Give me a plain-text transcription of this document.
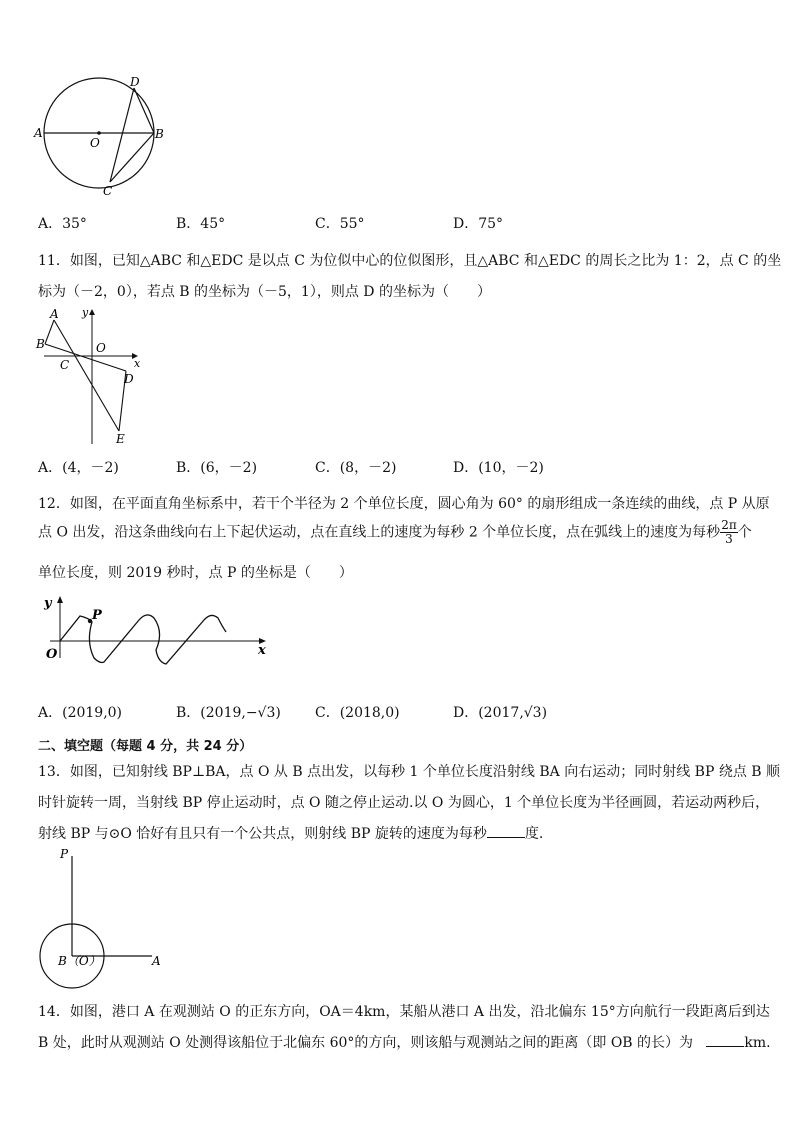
A	B
O
D
C
A．35°	B．45°	C．55°	D．75°
11．如图，已知△ABC 和△EDC 是以点 C 为位似中心的位似图形，且△ABC 和△EDC 的周长之比为 1：2，点 C 的坐
标为（－2，0），若点 B 的坐标为（－5，1），则点 D 的坐标为（　　）
A
B
C
O
D
E
x
y
A．(4，－2)	B．(6，－2)	C．(8，－2)	D．(10，－2)
12．如图，在平面直角坐标系中，若干个半径为 2 个单位长度，圆心角为 60° 的扇形组成一条连续的曲线，点 P 从原
点 O 出发，沿这条曲线向右上下起伏运动，点在直线上的速度为每秒 2 个单位长度，点在弧线上的速度为每秒 $\frac{2\pi}{3}$ 个
单位长度，则 2019 秒时，点 P 的坐标是（　　）
y
P
O	x
A．(2019,0)	B．(2019,−√3) C．(2018,0)	D．(2017,√3)
二、填空题（每题 4 分，共 24 分）
13．如图，已知射线 BP⊥BA，点 O 从 B 点出发，以每秒 1 个单位长度沿射线 BA 向右运动；同时射线 BP 绕点 B 顺
时针旋转一周，当射线 BP 停止运动时，点 O 随之停止运动.以 O 为圆心，1 个单位长度为半径画圆，若运动两秒后，
射线 BP 与⊙O 恰好有且只有一个公共点，则射线 BP 旋转的速度为每秒	度.
P
B（O）	A
14．如图，港口 A 在观测站 O 的正东方向，OA＝4km，某船从港口 A 出发，沿北偏东 15°方向航行一段距离后到达
B 处，此时从观测站 O 处测得该船位于北偏东 60°的方向，则该船与观测站之间的距离（即 OB 的长）为	km.
